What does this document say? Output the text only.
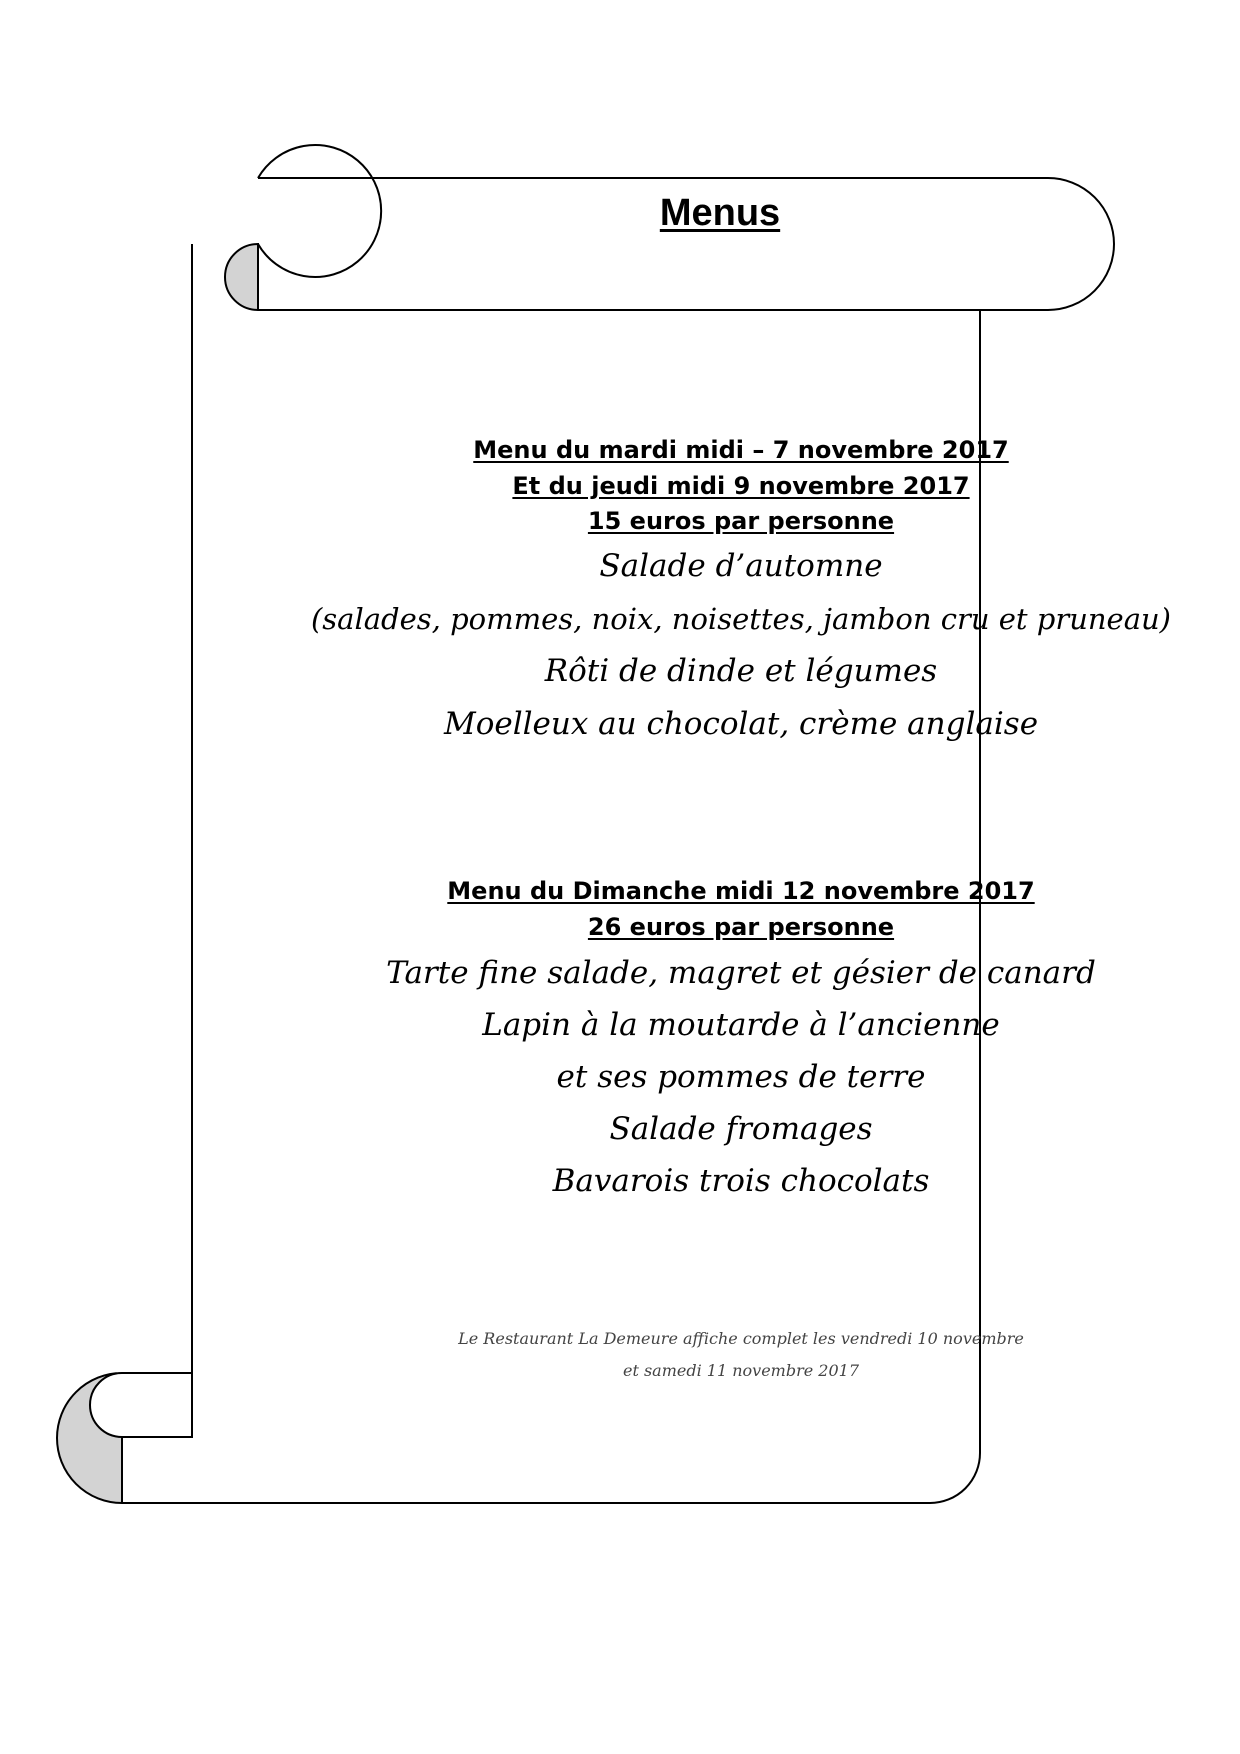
Menus
Menu du mardi midi – 7 novembre 2017
Et du jeudi midi 9 novembre 2017
15 euros par personne
Salade d’automne
(salades, pommes, noix, noisettes, jambon cru et pruneau)
Rôti de dinde et légumes
Moelleux au chocolat, crème anglaise
Menu du Dimanche midi 12 novembre 2017
26 euros par personne
Tarte fine salade, magret et gésier de canard
Lapin à la moutarde à l’ancienne
et ses pommes de terre
Salade fromages
Bavarois trois chocolats
Le Restaurant La Demeure affiche complet les vendredi 10 novembre
et samedi 11 novembre 2017
